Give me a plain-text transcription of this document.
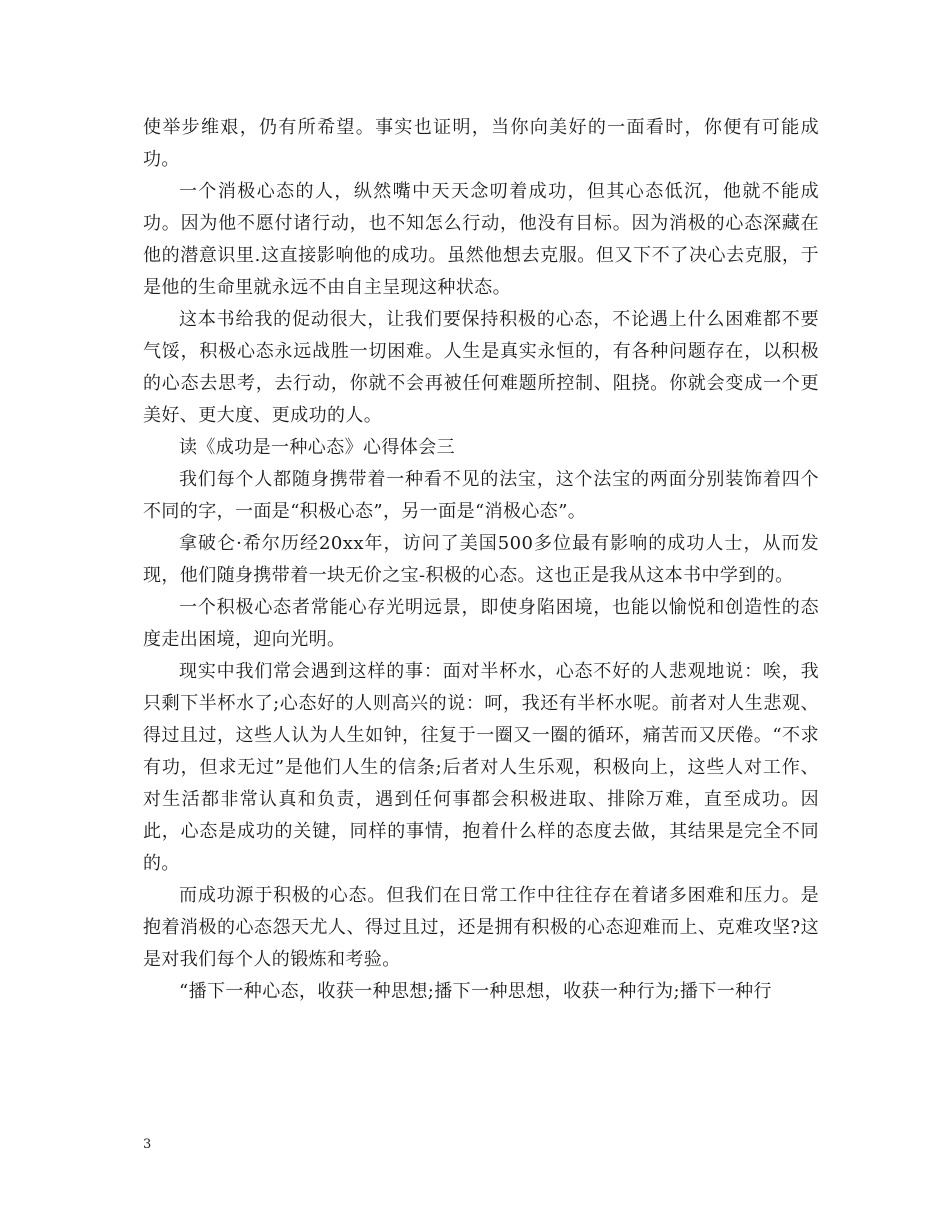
使举步维艰，仍有所希望。事实也证明，当你向美好的一面看时，你便有可能成功。

一个消极心态的人，纵然嘴中天天念叨着成功，但其心态低沉，他就不能成功。因为他不愿付诸行动，也不知怎么行动，他没有目标。因为消极的心态深藏在他的潜意识里.这直接影响他的成功。虽然他想去克服。但又下不了决心去克服，于是他的生命里就永远不由自主呈现这种状态。

这本书给我的促动很大，让我们要保持积极的心态，不论遇上什么困难都不要气馁，积极心态永远战胜一切困难。人生是真实永恒的，有各种问题存在，以积极的心态去思考，去行动，你就不会再被任何难题所控制、阻挠。你就会变成一个更美好、更大度、更成功的人。

读《成功是一种心态》心得体会三

我们每个人都随身携带着一种看不见的法宝，这个法宝的两面分别装饰着四个不同的字，一面是“积极心态”，另一面是“消极心态”。

拿破仑·希尔历经20xx年，访问了美国500多位最有影响的成功人士，从而发现，他们随身携带着一块无价之宝-积极的心态。这也正是我从这本书中学到的。

一个积极心态者常能心存光明远景，即使身陷困境，也能以愉悦和创造性的态度走出困境，迎向光明。

现实中我们常会遇到这样的事：面对半杯水，心态不好的人悲观地说：唉，我只剩下半杯水了;心态好的人则高兴的说：呵，我还有半杯水呢。前者对人生悲观、得过且过，这些人认为人生如钟，往复于一圈又一圈的循环，痛苦而又厌倦。“不求有功，但求无过”是他们人生的信条;后者对人生乐观，积极向上，这些人对工作、对生活都非常认真和负责，遇到任何事都会积极进取、排除万难，直至成功。因此，心态是成功的关键，同样的事情，抱着什么样的态度去做，其结果是完全不同的。

而成功源于积极的心态。但我们在日常工作中往往存在着诸多困难和压力。是抱着消极的心态怨天尤人、得过且过，还是拥有积极的心态迎难而上、克难攻坚?这是对我们每个人的锻炼和考验。

“播下一种心态，收获一种思想;播下一种思想，收获一种行为;播下一种行

3
